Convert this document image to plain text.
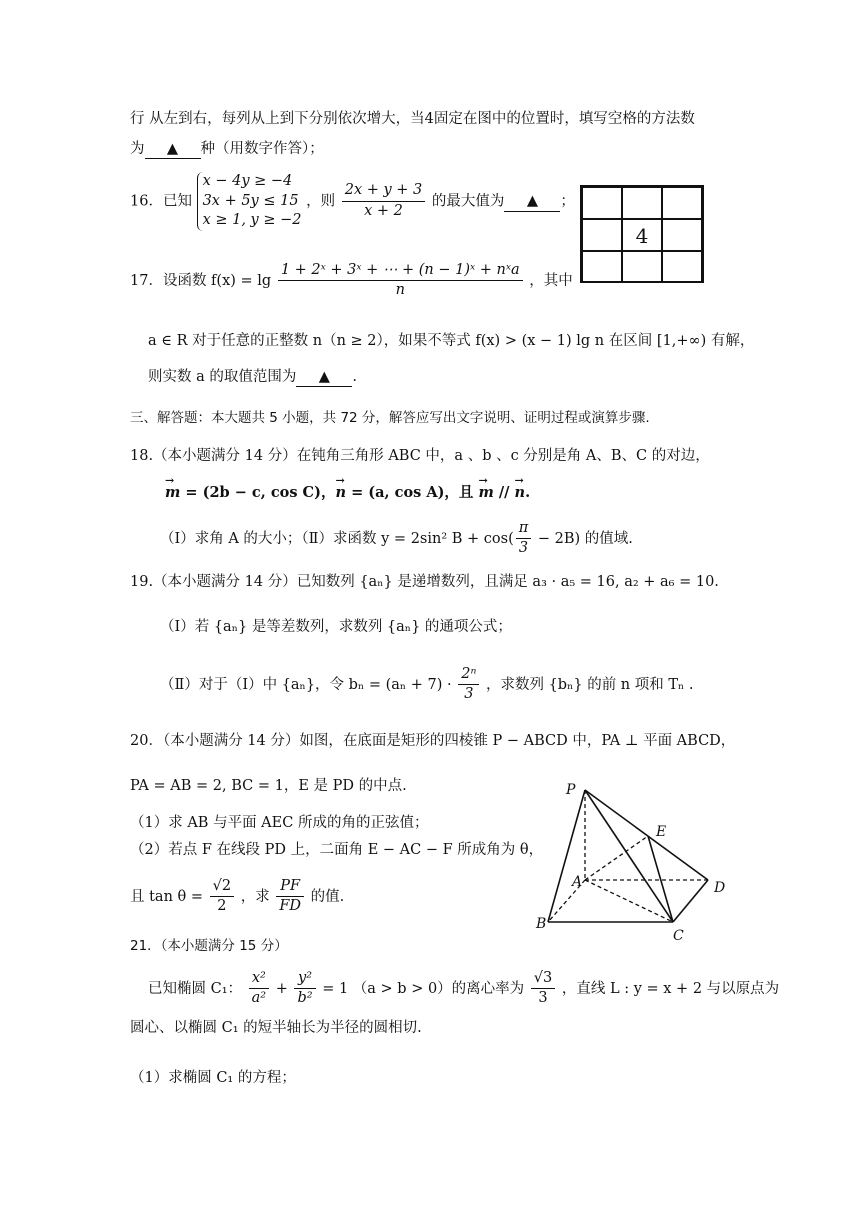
行 从左到右，每列从上到下分别依次增大，当4固定在图中的位置时，填写空格的方法数
为 ▲ 种（用数字作答）；
16．已知
x − 4y ≥ −4
3x + 5y ≤ 15
x ≥ 1, y ≥ −2
，则 $\frac{2x + y + 3}{x + 2}$ 的最大值为 ▲ ；
4
17．设函数 $f(x) = \lg \frac{\text{1 + 2ˣ + 3ˣ + ⋯ + (n − 1)ˣ + nˣa}}{n}$ ，其中
a ∈ R 对于任意的正整数 n（n ≥ 2），如果不等式 f(x) > (x − 1) lg n 在区间 [1,+∞) 有解，
则实数 a 的取值范围为 ▲ .
三、解答题：本大题共 5 小题，共 72 分，解答应写出文字说明、证明过程或演算步骤.
18.（本小题满分 14 分）在钝角三角形 ABC 中，a 、b 、c 分别是角 A、B、C 的对边，
→ m = (2b − c, cos C)，→ n = (a, cos A)，且 → m // → n.
（Ⅰ）求角 A 的大小；（Ⅱ）求函数 y = 2sin² $B + \cos( \frac{\pi}{3} - 2B)$ 的值域.
19.（本小题满分 14 分）已知数列 {aₙ} 是递增数列，且满足 a₃ · a₅ = 16, a₂ + a₆ = 10.
（Ⅰ）若 {aₙ} 是等差数列，求数列 {aₙ} 的通项公式；
（Ⅱ）对于（Ⅰ）中 {aₙ}，令 $b_n = (a_n + 7) \cdot \frac{\text{2ⁿ}}{3}$ ，求数列 {bₙ} 的前 n 项和 Tₙ .
20．（本小题满分 14 分）如图，在底面是矩形的四棱锥 P − ABCD 中，PA ⊥ 平面 ABCD，
PA = AB = 2, BC = 1，E 是 PD 的中点.
（1）求 AB 与平面 AEC 所成的角的正弦值；
（2）若点 F 在线段 PD 上，二面角 E − AC − F 所成角为 θ，
且 $\tan \theta = \frac{√2}{2}$ ，求 $\frac{PF}{FD}$ 的值.
P
E
A	D
B
C
21．（本小题满分 15 分）
已知椭圆 C₁： $\frac{\text{x²}}{\text{a²}} + \frac{\text{y²}}{\text{b²}} = 1$ （a > b > 0）的离心率为 $\frac{√3}{3}$ ，直线 L : y = x + 2 与以原点为
圆心、以椭圆 C₁ 的短半轴长为半径的圆相切.
（1）求椭圆 C₁ 的方程；
